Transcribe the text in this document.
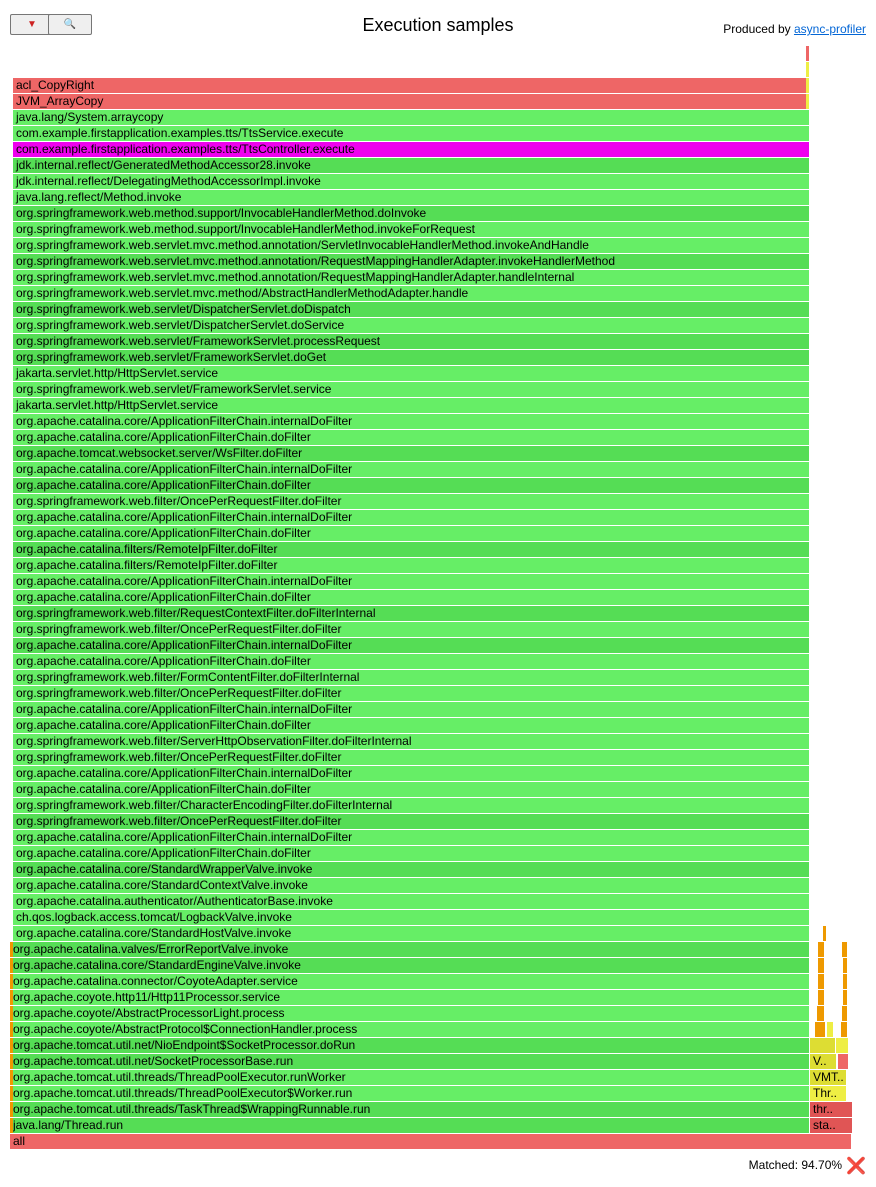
▼	🔍	Execution samples	Produced by async-profiler
acl_CopyRight
JVM_ArrayCopy
java.lang/System.arraycopy
com.example.firstapplication.examples.tts/TtsService.execute
com.example.firstapplication.examples.tts/TtsController.execute
jdk.internal.reflect/GeneratedMethodAccessor28.invoke
jdk.internal.reflect/DelegatingMethodAccessorImpl.invoke
java.lang.reflect/Method.invoke
org.springframework.web.method.support/InvocableHandlerMethod.doInvoke
org.springframework.web.method.support/InvocableHandlerMethod.invokeForRequest
org.springframework.web.servlet.mvc.method.annotation/ServletInvocableHandlerMethod.invokeAndHandle
org.springframework.web.servlet.mvc.method.annotation/RequestMappingHandlerAdapter.invokeHandlerMethod
org.springframework.web.servlet.mvc.method.annotation/RequestMappingHandlerAdapter.handleInternal
org.springframework.web.servlet.mvc.method/AbstractHandlerMethodAdapter.handle
org.springframework.web.servlet/DispatcherServlet.doDispatch
org.springframework.web.servlet/DispatcherServlet.doService
org.springframework.web.servlet/FrameworkServlet.processRequest
org.springframework.web.servlet/FrameworkServlet.doGet
jakarta.servlet.http/HttpServlet.service
org.springframework.web.servlet/FrameworkServlet.service
jakarta.servlet.http/HttpServlet.service
org.apache.catalina.core/ApplicationFilterChain.internalDoFilter
org.apache.catalina.core/ApplicationFilterChain.doFilter
org.apache.tomcat.websocket.server/WsFilter.doFilter
org.apache.catalina.core/ApplicationFilterChain.internalDoFilter
org.apache.catalina.core/ApplicationFilterChain.doFilter
org.springframework.web.filter/OncePerRequestFilter.doFilter
org.apache.catalina.core/ApplicationFilterChain.internalDoFilter
org.apache.catalina.core/ApplicationFilterChain.doFilter
org.apache.catalina.filters/RemoteIpFilter.doFilter
org.apache.catalina.filters/RemoteIpFilter.doFilter
org.apache.catalina.core/ApplicationFilterChain.internalDoFilter
org.apache.catalina.core/ApplicationFilterChain.doFilter
org.springframework.web.filter/RequestContextFilter.doFilterInternal
org.springframework.web.filter/OncePerRequestFilter.doFilter
org.apache.catalina.core/ApplicationFilterChain.internalDoFilter
org.apache.catalina.core/ApplicationFilterChain.doFilter
org.springframework.web.filter/FormContentFilter.doFilterInternal
org.springframework.web.filter/OncePerRequestFilter.doFilter
org.apache.catalina.core/ApplicationFilterChain.internalDoFilter
org.apache.catalina.core/ApplicationFilterChain.doFilter
org.springframework.web.filter/ServerHttpObservationFilter.doFilterInternal
org.springframework.web.filter/OncePerRequestFilter.doFilter
org.apache.catalina.core/ApplicationFilterChain.internalDoFilter
org.apache.catalina.core/ApplicationFilterChain.doFilter
org.springframework.web.filter/CharacterEncodingFilter.doFilterInternal
org.springframework.web.filter/OncePerRequestFilter.doFilter
org.apache.catalina.core/ApplicationFilterChain.internalDoFilter
org.apache.catalina.core/ApplicationFilterChain.doFilter
org.apache.catalina.core/StandardWrapperValve.invoke
org.apache.catalina.core/StandardContextValve.invoke
org.apache.catalina.authenticator/AuthenticatorBase.invoke
ch.qos.logback.access.tomcat/LogbackValve.invoke
org.apache.catalina.core/StandardHostValve.invoke
org.apache.catalina.valves/ErrorReportValve.invoke
org.apache.catalina.core/StandardEngineValve.invoke
org.apache.catalina.connector/CoyoteAdapter.service
org.apache.coyote.http11/Http11Processor.service
org.apache.coyote/AbstractProcessorLight.process
org.apache.coyote/AbstractProtocol$ConnectionHandler.process
org.apache.tomcat.util.net/NioEndpoint$SocketProcessor.doRun
org.apache.tomcat.util.net/SocketProcessorBase.run
org.apache.tomcat.util.threads/ThreadPoolExecutor.runWorker
org.apache.tomcat.util.threads/ThreadPoolExecutor$Worker.run
org.apache.tomcat.util.threads/TaskThread$WrappingRunnable.run
java.lang/Thread.run
all
V..
VMT..
Thr..
thr..
sta..
Matched: 94.70% ❌
